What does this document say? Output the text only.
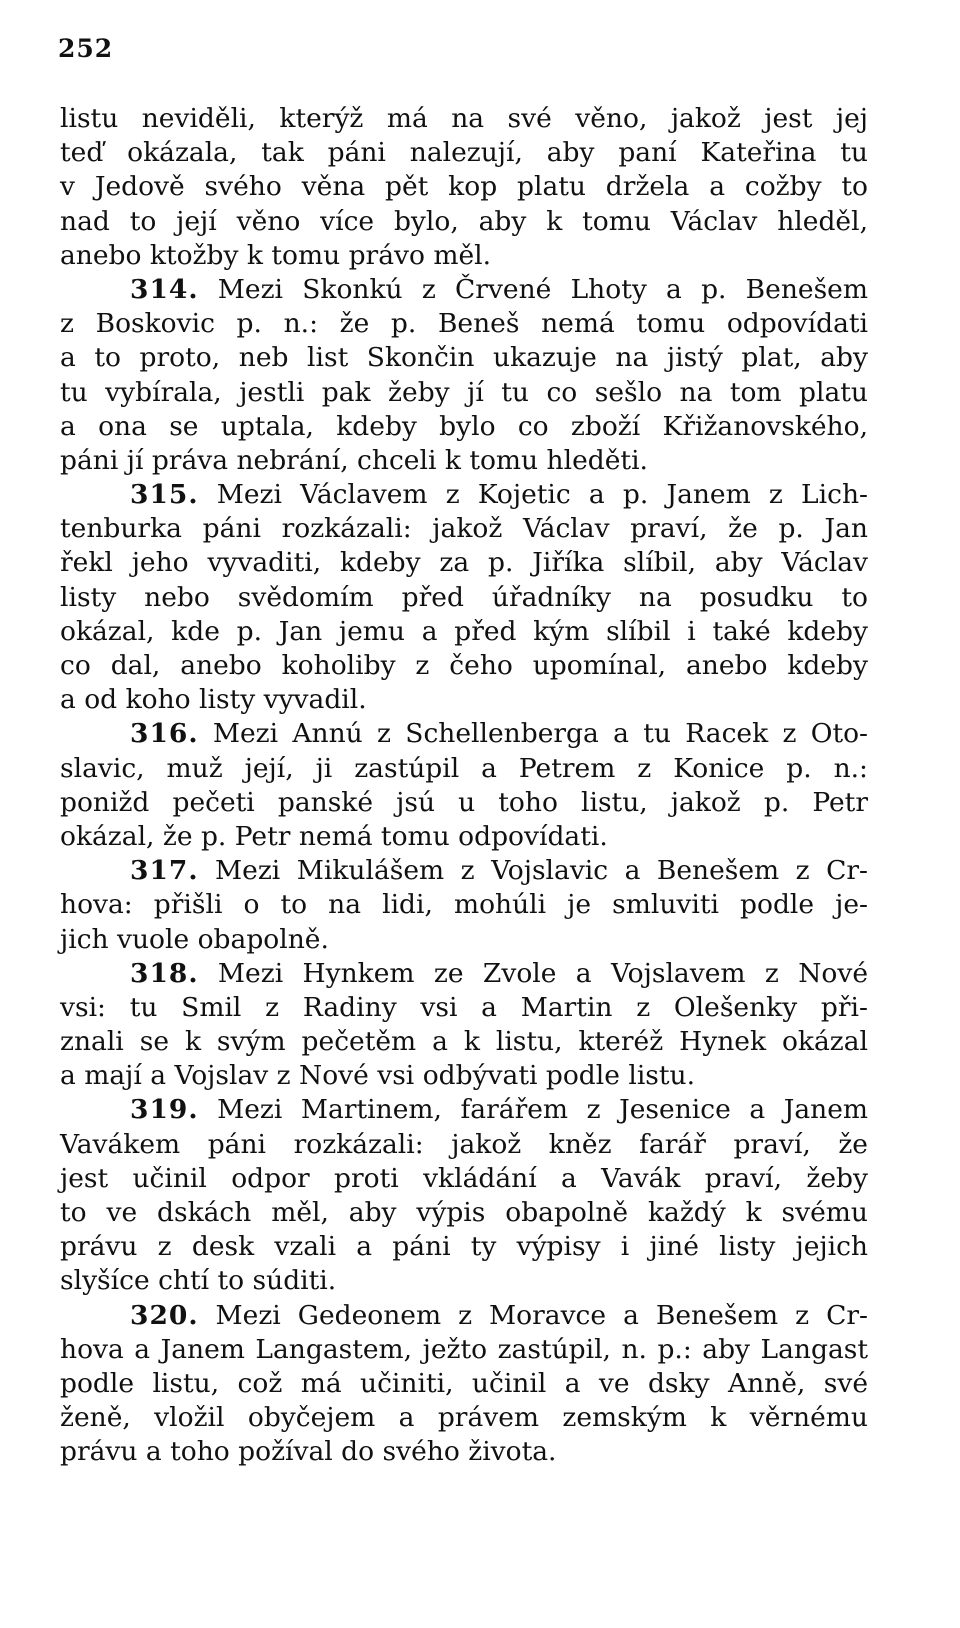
252
listu neviděli, kterýž má na své věno, jakož jest jej
teď okázala, tak páni nalezují, aby paní Kateřina tu
v Jedově svého věna pět kop platu držela a cožby to
nad to její věno více bylo, aby k tomu Václav hleděl,
anebo ktožby k tomu právo měl.
314. Mezi Skonkú z Črvené Lhoty a p. Benešem
z Boskovic p. n.: že p. Beneš nemá tomu odpovídati
a to proto, neb list Skončin ukazuje na jistý plat, aby
tu vybírala, jestli pak žeby jí tu co sešlo na tom platu
a ona se uptala, kdeby bylo co zboží Křižanovského,
páni jí práva nebrání, chceli k tomu hleděti.
315. Mezi Václavem z Kojetic a p. Janem z Lich-
tenburka páni rozkázali: jakož Václav praví, že p. Jan
řekl jeho vyvaditi, kdeby za p. Jiříka slíbil, aby Václav
listy nebo svědomím před úřadníky na posudku to
okázal, kde p. Jan jemu a před kým slíbil i také kdeby
co dal, anebo koholiby z čeho upomínal, anebo kdeby
a od koho listy vyvadil.
316. Mezi Annú z Schellenberga a tu Racek z Oto-
slavic, muž její, ji zastúpil a Petrem z Konice p. n.:
ponižd pečeti panské jsú u toho listu, jakož p. Petr
okázal, že p. Petr nemá tomu odpovídati.
317. Mezi Mikulášem z Vojslavic a Benešem z Cr-
hova: přišli o to na lidi, mohúli je smluviti podle je-
jich vuole obapolně.
318. Mezi Hynkem ze Zvole a Vojslavem z Nové
vsi: tu Smil z Radiny vsi a Martin z Olešenky při-
znali se k svým pečetěm a k listu, kteréž Hynek okázal
a mají a Vojslav z Nové vsi odbývati podle listu.
319. Mezi Martinem, farářem z Jesenice a Janem
Vavákem páni rozkázali: jakož kněz farář praví, že
jest učinil odpor proti vkládání a Vavák praví, žeby
to ve dskách měl, aby výpis obapolně každý k svému
právu z desk vzali a páni ty výpisy i jiné listy jejich
slyšíce chtí to súditi.
320. Mezi Gedeonem z Moravce a Benešem z Cr-
hova a Janem Langastem, ježto zastúpil, n. p.: aby Langast
podle listu, což má učiniti, učinil a ve dsky Anně, své
ženě, vložil obyčejem a právem zemským k věrnému
právu a toho požíval do svého života.
